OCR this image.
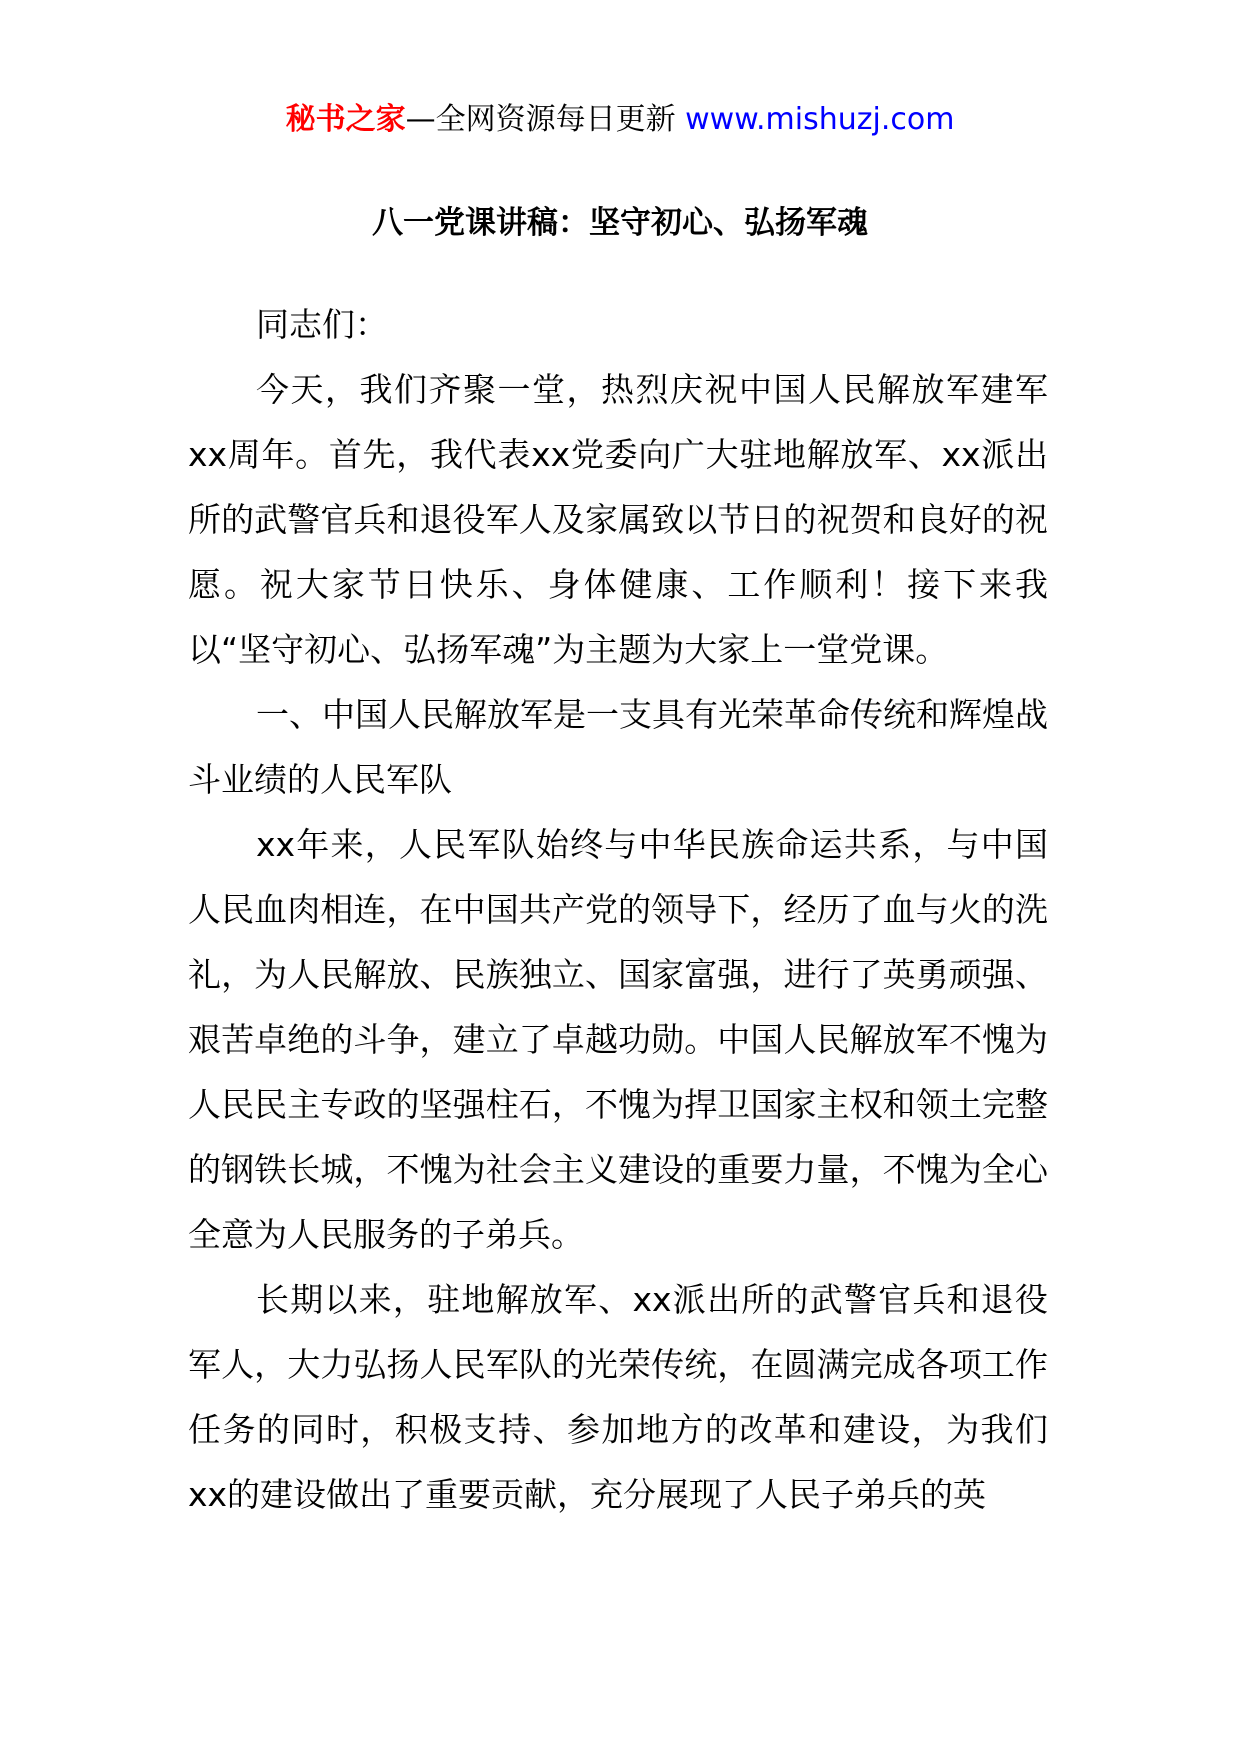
秘书之家—全网资源每日更新 www.mishuzj.com
八一党课讲稿：坚守初心、弘扬军魂

同志们：

今天，我们齐聚一堂，热烈庆祝中国人民解放军建军xx周年。首先，我代表xx党委向广大驻地解放军、xx派出所的武警官兵和退役军人及家属致以节日的祝贺和良好的祝愿。祝大家节日快乐、身体健康、工作顺利！接下来我以“坚守初心、弘扬军魂”为主题为大家上一堂党课。

一、中国人民解放军是一支具有光荣革命传统和辉煌战斗业绩的人民军队

xx年来，人民军队始终与中华民族命运共系，与中国人民血肉相连，在中国共产党的领导下，经历了血与火的洗礼，为人民解放、民族独立、国家富强，进行了英勇顽强、艰苦卓绝的斗争，建立了卓越功勋。中国人民解放军不愧为人民民主专政的坚强柱石，不愧为捍卫国家主权和领土完整的钢铁长城，不愧为社会主义建设的重要力量，不愧为全心全意为人民服务的子弟兵。

长期以来，驻地解放军、xx派出所的武警官兵和退役军人，大力弘扬人民军队的光荣传统，在圆满完成各项工作任务的同时，积极支持、参加地方的改革和建设，为我们xx的建设做出了重要贡献，充分展现了人民子弟兵的英
